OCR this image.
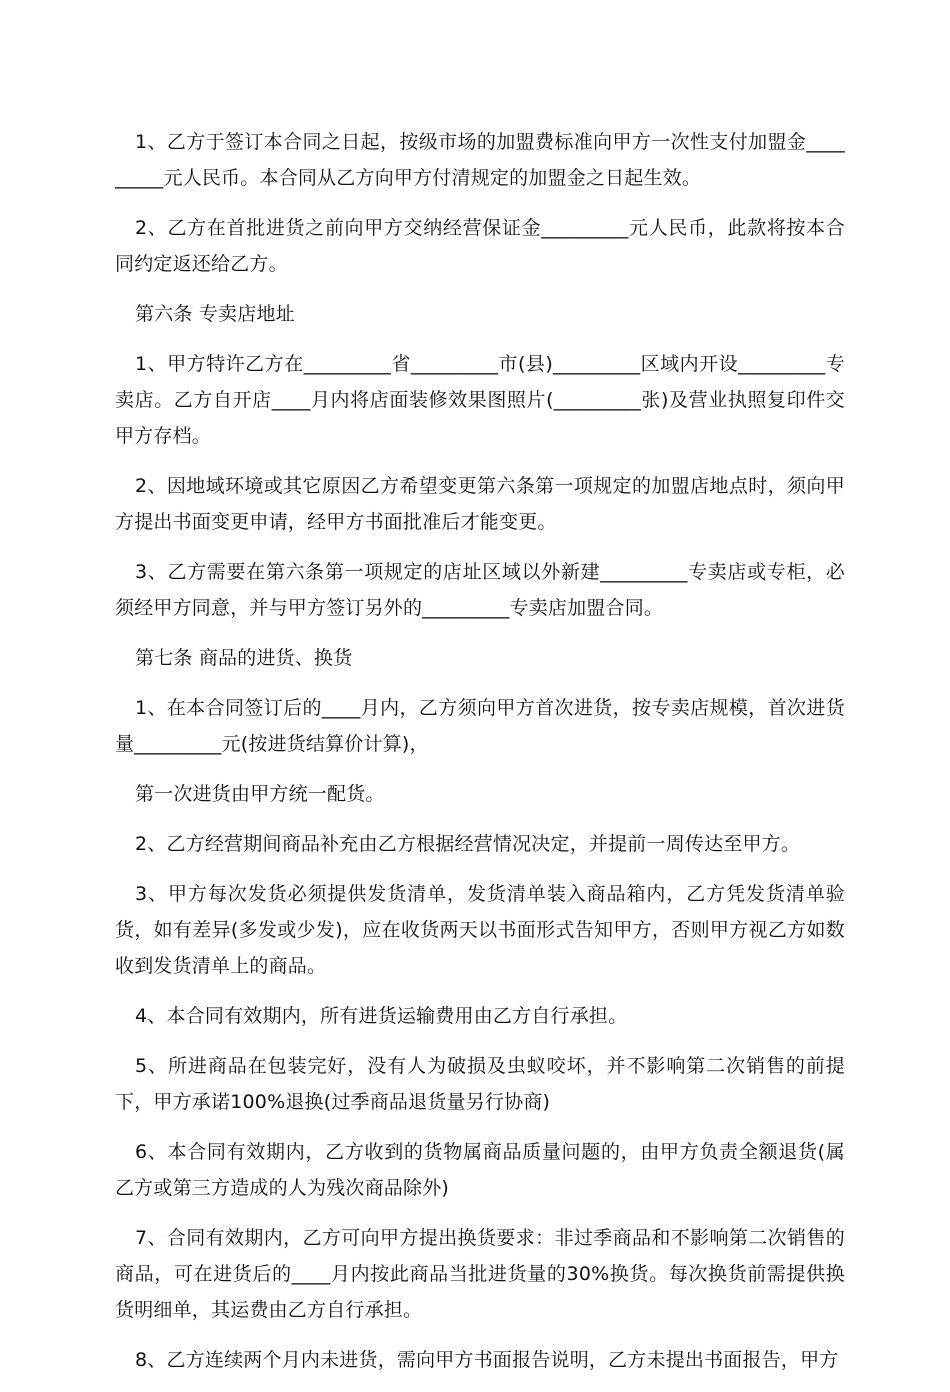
1、乙方于签订本合同之日起，按级市场的加盟费标准向甲方一次性支付加盟金_________元人民币。本合同从乙方向甲方付清规定的加盟金之日起生效。

2、乙方在首批进货之前向甲方交纳经营保证金_________元人民币，此款将按本合同约定返还给乙方。

第六条 专卖店地址

1、甲方特许乙方在_________省_________市(县)_________区域内开设_________专卖店。乙方自开店____月内将店面装修效果图照片(_________张)及营业执照复印件交甲方存档。

2、因地域环境或其它原因乙方希望变更第六条第一项规定的加盟店地点时，须向甲方提出书面变更申请，经甲方书面批准后才能变更。

3、乙方需要在第六条第一项规定的店址区域以外新建_________专卖店或专柜，必须经甲方同意，并与甲方签订另外的_________专卖店加盟合同。

第七条 商品的进货、换货

1、在本合同签订后的____月内，乙方须向甲方首次进货，按专卖店规模，首次进货量_________元(按进货结算价计算)，

第一次进货由甲方统一配货。

2、乙方经营期间商品补充由乙方根据经营情况决定，并提前一周传达至甲方。

3、甲方每次发货必须提供发货清单，发货清单装入商品箱内，乙方凭发货清单验货，如有差异(多发或少发)，应在收货两天以书面形式告知甲方，否则甲方视乙方如数收到发货清单上的商品。

4、本合同有效期内，所有进货运输费用由乙方自行承担。

5、所进商品在包装完好，没有人为破损及虫蚁咬坏，并不影响第二次销售的前提下，甲方承诺100%退换(过季商品退货量另行协商)

6、本合同有效期内，乙方收到的货物属商品质量问题的，由甲方负责全额退货(属乙方或第三方造成的人为残次商品除外)

7、合同有效期内，乙方可向甲方提出换货要求：非过季商品和不影响第二次销售的商品，可在进货后的____月内按此商品当批进货量的30%换货。每次换货前需提供换货明细单，其运费由乙方自行承担。

8、乙方连续两个月内未进货，需向甲方书面报告说明，乙方未提出书面报告，甲方
